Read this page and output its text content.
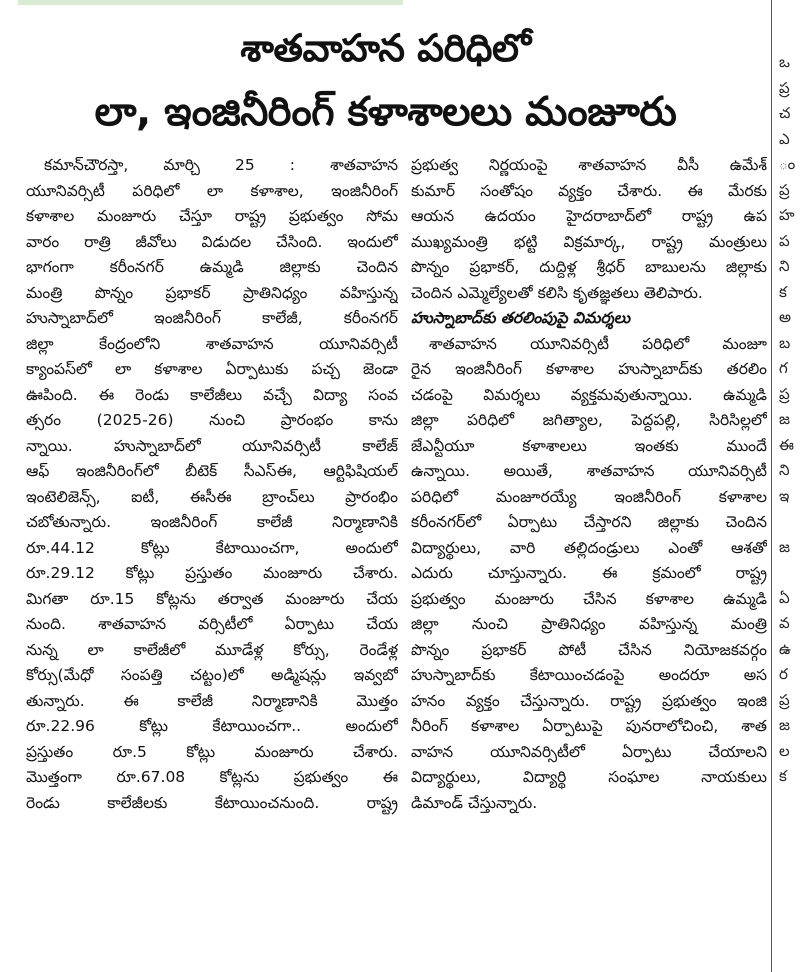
శాతవాహన పరిధిలో
లా, ఇంజినీరింగ్ కళాశాలలు మంజూరు
కమాన్‌చౌరస్తా, మార్చి 25 : శాతవాహన
యూనివర్సిటీ పరిధిలో లా కళాశాల, ఇంజినీరింగ్
కళాశాల మంజూరు చేస్తూ రాష్ట్ర ప్రభుత్వం సోమ
వారం రాత్రి జీవోలు విడుదల చేసింది. ఇందులో
భాగంగా కరీంనగర్ ఉమ్మడి జిల్లాకు చెందిన
మంత్రి పొన్నం ప్రభాకర్ ప్రాతినిధ్యం వహిస్తున్న
హుస్నాబాద్‌లో ఇంజినీరింగ్ కాలేజీ, కరీంనగర్
జిల్లా కేంద్రంలోని శాతవాహన యూనివర్సిటీ
క్యాంపస్‌లో లా కళాశాల ఏర్పాటుకు పచ్చ జెండా
ఊపింది. ఈ రెండు కాలేజీలు వచ్చే విద్యా సంవ
త్సరం (2025-26) నుంచి ప్రారంభం కాను
న్నాయి. హుస్నాబాద్‌లో యూనివర్సిటీ కాలేజ్
ఆఫ్ ఇంజినీరింగ్‌లో బీటెక్ సీఎస్ఈ, ఆర్టిఫిషియల్
ఇంటెలిజెన్స్, ఐటీ, ఈసీఈ బ్రాంచ్‌లు ప్రారంభిం
చబోతున్నారు. ఇంజినీరింగ్ కాలేజీ నిర్మాణానికి
రూ.44.12 కోట్లు కేటాయించగా, అందులో
రూ.29.12 కోట్లు ప్రస్తుతం మంజూరు చేశారు.
మిగతా రూ.15 కోట్లను తర్వాత మంజూరు చేయ
నుంది. శాతవాహన వర్సిటీలో ఏర్పాటు చేయ
నున్న లా కాలేజీలో మూడేళ్ల కోర్సు, రెండేళ్ల
కోర్సు(మేధో సంపత్తి చట్టం)లో అడ్మిషన్లు ఇవ్వబో
తున్నారు. ఈ కాలేజీ నిర్మాణానికి మొత్తం
రూ.22.96 కోట్లు కేటాయించగా.. అందులో
ప్రస్తుతం రూ.5 కోట్లు మంజూరు చేశారు.
మొత్తంగా రూ.67.08 కోట్లను ప్రభుత్వం ఈ
రెండు కాలేజీలకు కేటాయించనుంది. రాష్ట్ర
ప్రభుత్వ నిర్ణయంపై శాతవాహన వీసీ ఉమేశ్
కుమార్ సంతోషం వ్యక్తం చేశారు. ఈ మేరకు
ఆయన ఉదయం హైదరాబాద్‌లో రాష్ట్ర ఉప
ముఖ్యమంత్రి భట్టి విక్రమార్క, రాష్ట్ర మంత్రులు
పొన్నం ప్రభాకర్, దుద్దిళ్ల శ్రీధర్ బాబులను జిల్లాకు
చెందిన ఎమ్మెల్యేలతో కలిసి కృతజ్ఞతలు తెలిపారు.
హుస్నాబాద్‌కు తరలింపుపై విమర్శలు
శాతవాహన యూనివర్సిటీ పరిధిలో మంజూ
రైన ఇంజినీరింగ్ కళాశాల హుస్నాబాద్‌కు తరలిం
చడంపై విమర్శలు వ్యక్తమవుతున్నాయి. ఉమ్మడి
జిల్లా పరిధిలో జగిత్యాల, పెద్దపల్లి, సిరిసిల్లలో
జేఎన్టీయూ కళాశాలలు ఇంతకు ముందే
ఉన్నాయి. అయితే, శాతవాహన యూనివర్సిటీ
పరిధిలో మంజూరయ్యే ఇంజినీరింగ్ కళాశాల
కరీంనగర్‌లో ఏర్పాటు చేస్తారని జిల్లాకు చెందిన
విద్యార్థులు, వారి తల్లిదండ్రులు ఎంతో ఆశతో
ఎదురు చూస్తున్నారు. ఈ క్రమంలో రాష్ట్ర
ప్రభుత్వం మంజూరు చేసిన కళాశాల ఉమ్మడి
జిల్లా నుంచి ప్రాతినిధ్యం వహిస్తున్న మంత్రి
పొన్నం ప్రభాకర్ పోటీ చేసిన నియోజకవర్గం
హుస్నాబాద్‌కు కేటాయించడంపై అందరూ అస
హనం వ్యక్తం చేస్తున్నారు. రాష్ట్ర ప్రభుత్వం ఇంజి
నీరింగ్ కళాశాల ఏర్పాటుపై పునరాలోచించి, శాత
వాహన యూనివర్సిటీలో ఏర్పాటు చేయాలని
విద్యార్థులు, విద్యార్థి సంఘాల నాయకులు
డిమాండ్ చేస్తున్నారు.
ఒ
ప్ర
చ
ఎ
ం
ప్ర
హ
ప
ని
క
అ
బ
గ
ప్ర
జ
ఈ
ని
ఇ
జ
ఏ
వ
ఉ
ర
ప్ర
జ
ల
క
